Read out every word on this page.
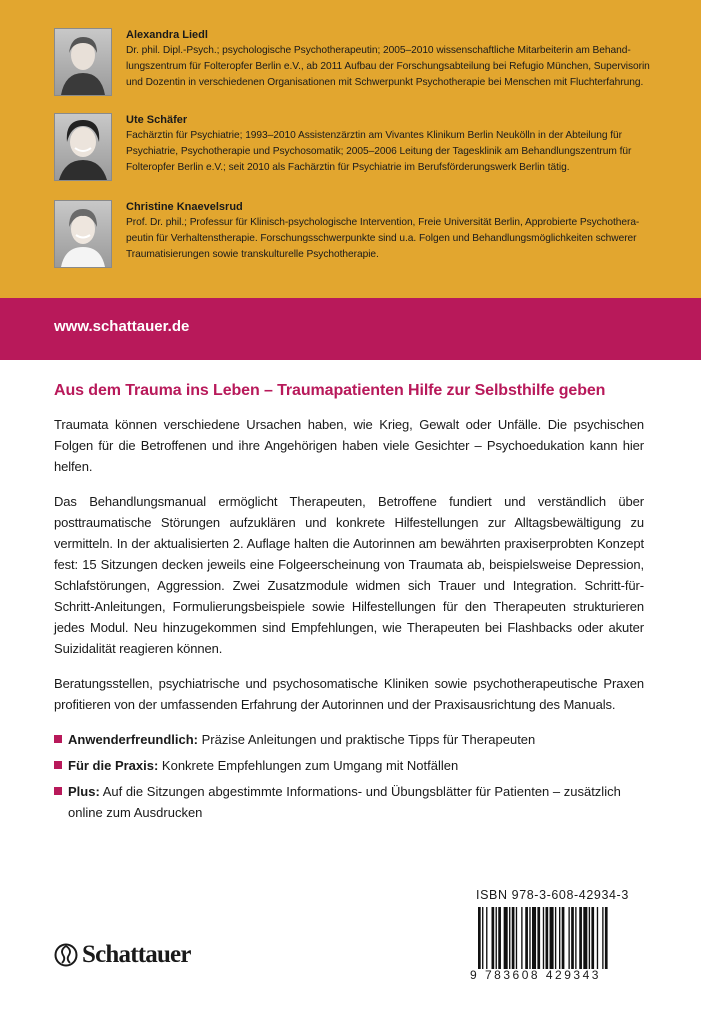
Alexandra Liedl

Dr. phil. Dipl.-Psych.; psychologische Psychotherapeutin; 2005–2010 wissenschaftliche Mitarbeiterin am Behand-

lungszentrum für Folteropfer Berlin e.V., ab 2011 Aufbau der Forschungsabteilung bei Refugio München, Supervisorin

und Dozentin in verschiedenen Organisationen mit Schwerpunkt Psychotherapie bei Menschen mit Fluchterfahrung.

Ute Schäfer

Fachärztin für Psychiatrie; 1993–2010 Assistenzärztin am Vivantes Klinikum Berlin Neukölln in der Abteilung für

Psychiatrie, Psychotherapie und Psychosomatik; 2005–2006 Leitung der Tagesklinik am Behandlungszentrum für

Folteropfer Berlin e.V.; seit 2010 als Fachärztin für Psychiatrie im Berufsförderungswerk Berlin tätig.

Christine Knaevelsrud

Prof. Dr. phil.; Professur für Klinisch-psychologische Intervention, Freie Universität Berlin, Approbierte Psychothera-

peutin für Verhaltenstherapie. Forschungsschwerpunkte sind u.a. Folgen und Behandlungsmöglichkeiten schwerer

Traumatisierungen sowie transkulturelle Psychotherapie.

www.schattauer.de
Aus dem Trauma ins Leben – Traumapatienten Hilfe zur Selbsthilfe geben

Traumata können verschiedene Ursachen haben, wie Krieg, Gewalt oder Unfälle. Die psychischen Folgen für die Betroffenen und ihre Angehörigen haben viele Gesichter – Psychoedukation kann hier helfen.

Das Behandlungsmanual ermöglicht Therapeuten, Betroffene fundiert und verständlich über posttraumatische Störungen aufzuklären und konkrete Hilfestellungen zur Alltagsbewältigung zu vermitteln. In der aktualisierten 2. Auflage halten die Autorinnen am bewährten praxiserprobten Konzept fest: 15 Sitzungen decken jeweils eine Folgeerscheinung von Traumata ab, beispielsweise Depression, Schlafstörungen, Aggression. Zwei Zusatzmodule widmen sich Trauer und Integration. Schritt-für-Schritt-Anleitungen, Formulierungsbeispiele sowie Hilfestellungen für den Therapeuten strukturieren jedes Modul. Neu hinzugekommen sind Empfehlungen, wie Therapeuten bei Flashbacks oder akuter Suizidalität reagieren können.

Beratungsstellen, psychiatrische und psychosomatische Kliniken sowie psychotherapeutische Praxen profitieren von der umfassenden Erfahrung der Autorinnen und der Praxisausrichtung des Manuals.

Anwenderfreundlich: Präzise Anleitungen und praktische Tipps für Therapeuten
Für die Praxis: Konkrete Empfehlungen zum Umgang mit Notfällen
Plus: Auf die Sitzungen abgestimmte Informations- und Übungsblätter für Patienten – zusätzlich online zum Ausdrucken
Schattauer
ISBN 978-3-608-42934-3
9 783608 429343
